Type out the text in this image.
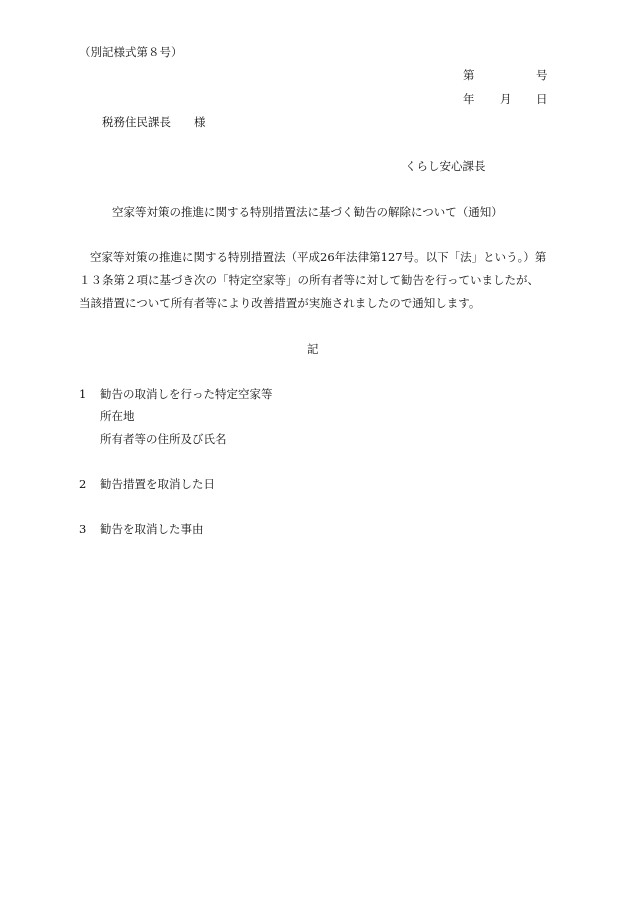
（別記様式第８号）
第	号
年 月 日
税務住民課長　　様
くらし安心課長
空家等対策の推進に関する特別措置法に基づく勧告の解除について（通知）
空家等対策の推進に関する特別措置法（平成26年法律第127号。以下「法」という。）第
１３条第２項に基づき次の「特定空家等」の所有者等に対して勧告を行っていましたが、
当該措置について所有者等により改善措置が実施されましたので通知します。
記
1 勧告の取消しを行った特定空家等
所在地
所有者等の住所及び氏名
2 勧告措置を取消した日
3 勧告を取消した事由
